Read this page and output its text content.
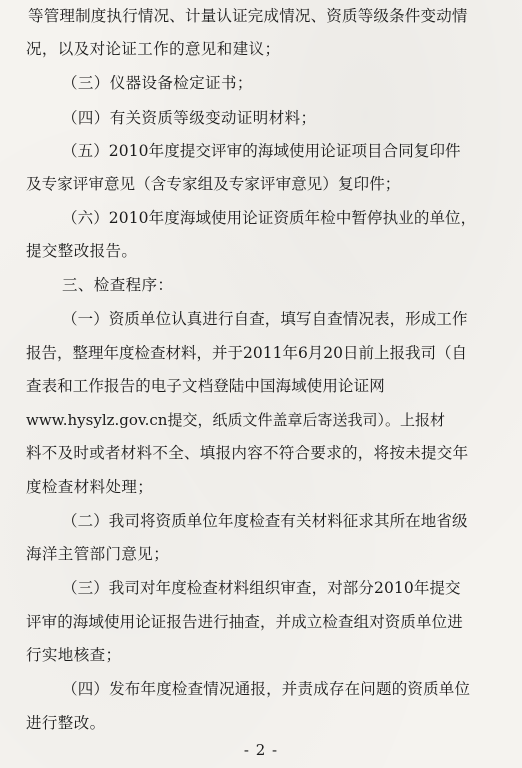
等管理制度执行情况、计量认证完成情况、资质等级条件变动情
况，以及对论证工作的意见和建议；
（三）仪器设备检定证书；
（四）有关资质等级变动证明材料；
（五）2010年度提交评审的海域使用论证项目合同复印件
及专家评审意见（含专家组及专家评审意见）复印件；
（六）2010年度海域使用论证资质年检中暂停执业的单位，
提交整改报告。
三、检查程序：
（一）资质单位认真进行自查，填写自查情况表，形成工作
报告，整理年度检查材料，并于2011年6月20日前上报我司（自
查表和工作报告的电子文档登陆中国海域使用论证网
www.hysylz.gov.cn提交，纸质文件盖章后寄送我司）。上报材
料不及时或者材料不全、填报内容不符合要求的，将按未提交年
度检查材料处理；
（二）我司将资质单位年度检查有关材料征求其所在地省级
海洋主管部门意见；
（三）我司对年度检查材料组织审查，对部分2010年提交
评审的海域使用论证报告进行抽查，并成立检查组对资质单位进
行实地核查；
（四）发布年度检查情况通报，并责成存在问题的资质单位
进行整改。
- 2 -
